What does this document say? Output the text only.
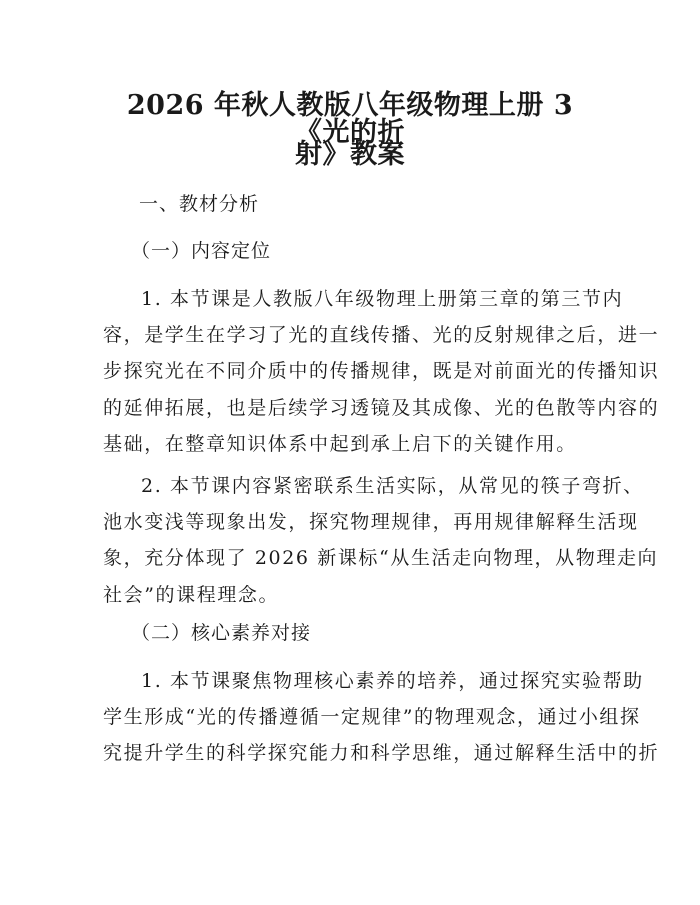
2026 年秋人教版八年级物理上册 3《光的折
射》教案

一、教材分析

（一）内容定位

1. 本节课是人教版八年级物理上册第三章的第三节内
容，是学生在学习了光的直线传播、光的反射规律之后，进一
步探究光在不同介质中的传播规律，既是对前面光的传播知识
的延伸拓展，也是后续学习透镜及其成像、光的色散等内容的
基础，在整章知识体系中起到承上启下的关键作用。
2. 本节课内容紧密联系生活实际，从常见的筷子弯折、
池水变浅等现象出发，探究物理规律，再用规律解释生活现
象，充分体现了 2026 新课标“从生活走向物理，从物理走向
社会”的课程理念。

（二）核心素养对接

1. 本节课聚焦物理核心素养的培养，通过探究实验帮助
学生形成“光的传播遵循一定规律”的物理观念，通过小组探
究提升学生的科学探究能力和科学思维，通过解释生活中的折
